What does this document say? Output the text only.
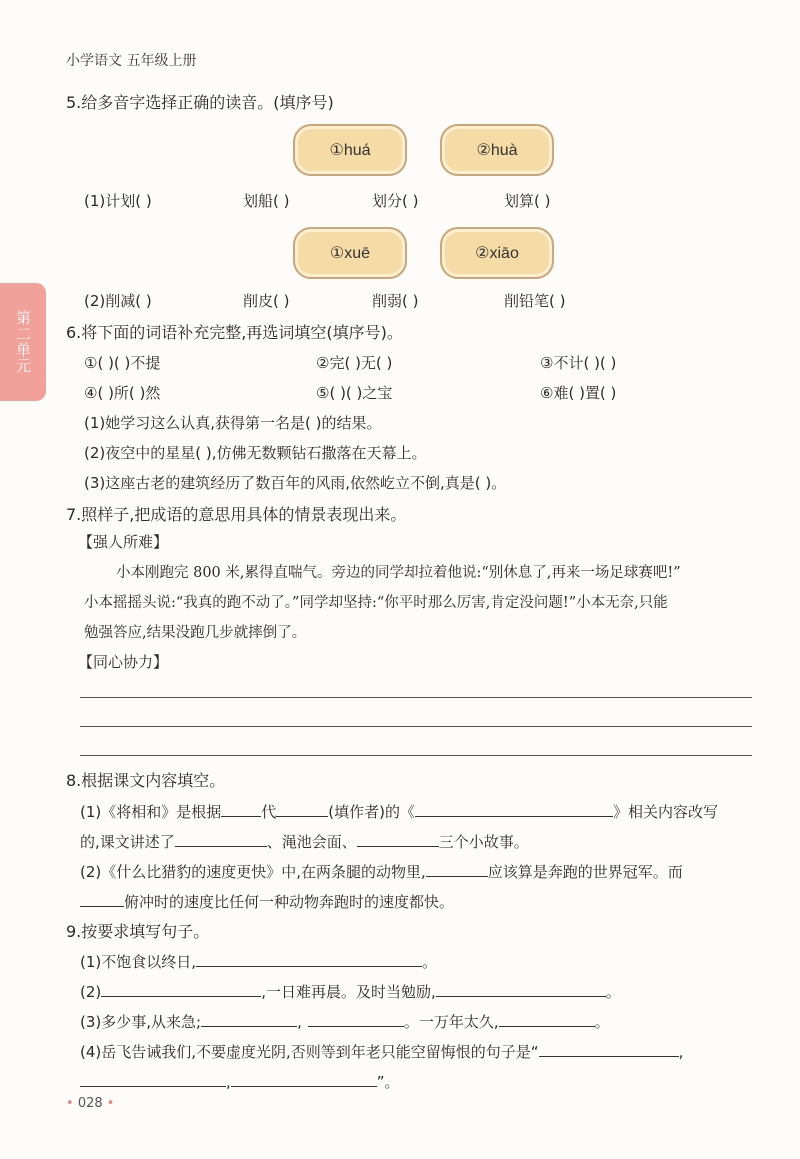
小学语文 五年级上册
第二单元
5.给多音字选择正确的读音。(填序号)
①huá	②huà
(1)计划( )	划船( )	划分( )	划算( )
①xuē	②xiāo
(2)削减( )	削皮( )	削弱( )	削铅笔( )
6.将下面的词语补充完整,再选词填空(填序号)。
①( )( )不提	②完( )无( )	③不计( )( )
④( )所( )然	⑤( )( )之宝	⑥难( )置( )
(1)她学习这么认真,获得第一名是( )的结果。
(2)夜空中的星星( ),仿佛无数颗钻石撒落在天幕上。
(3)这座古老的建筑经历了数百年的风雨,依然屹立不倒,真是( )。
7.照样子,把成语的意思用具体的情景表现出来。
【强人所难】
小本刚跑完 800 米,累得直喘气。旁边的同学却拉着他说:“别休息了,再来一场足球赛吧!”
小本摇摇头说:“我真的跑不动了。”同学却坚持:“你平时那么厉害,肯定没问题!”小本无奈,只能
勉强答应,结果没跑几步就摔倒了。
【同心协力】
8.根据课文内容填空。
(1)《将相和》是根据	代	(填作者)的《	》相关内容改写
的,课文讲述了	、渑池会面、	三个小故事。
(2)《什么比猎豹的速度更快》中,在两条腿的动物里,	应该算是奔跑的世界冠军。而
俯冲时的速度比任何一种动物奔跑时的速度都快。
9.按要求填写句子。
(1)不饱食以终日,	。
(2)	,一日难再晨。及时当勉励,	。
(3)多少事,从来急;	,	。一万年太久,	。
(4)岳飞告诫我们,不要虚度光阴,否则等到年老只能空留悔恨的句子是“	,
,	”。
• 028 •
